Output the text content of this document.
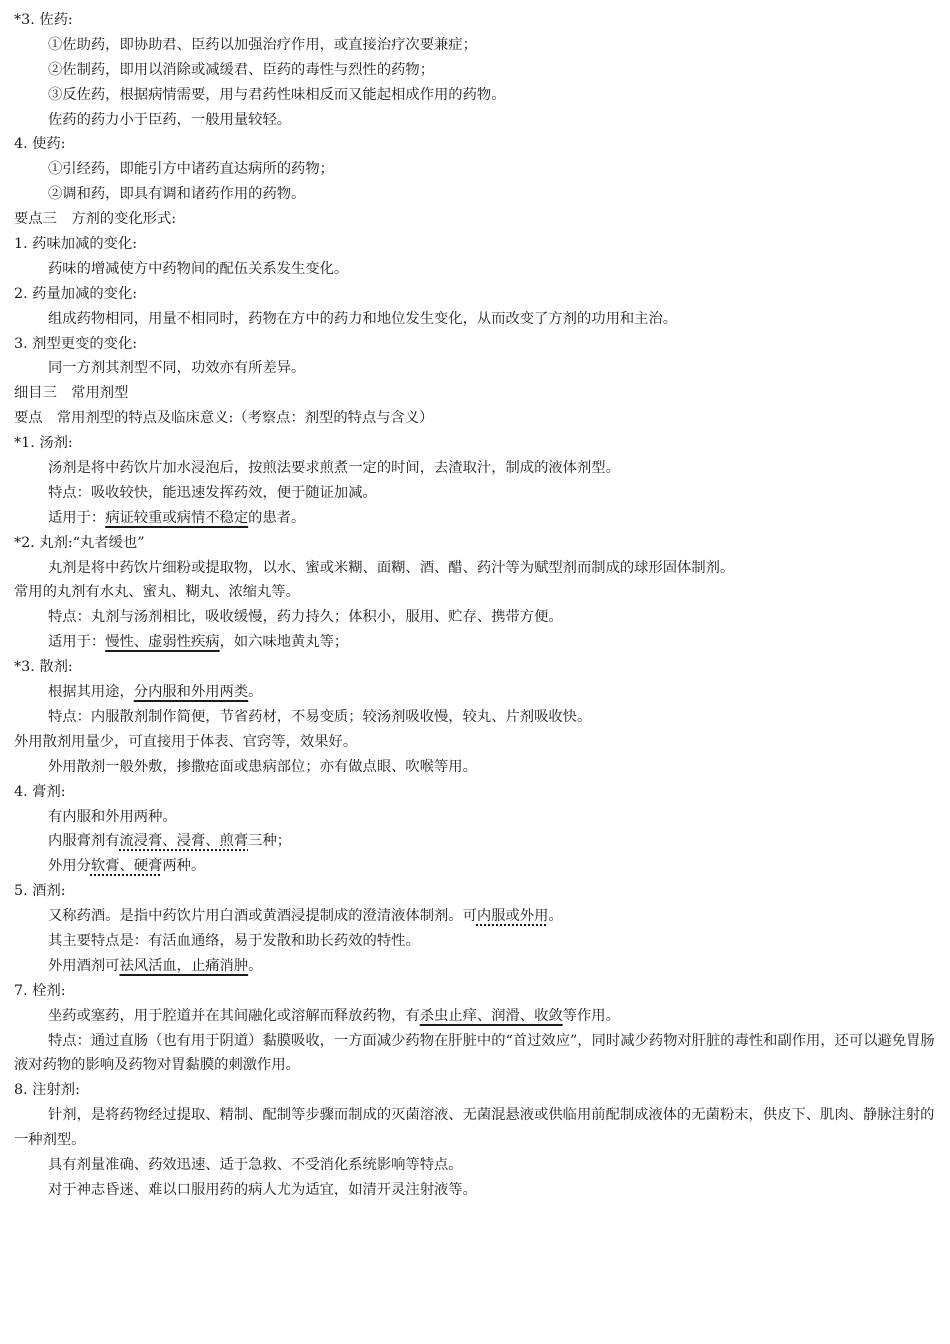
*3. 佐药:
①佐助药，即协助君、臣药以加强治疗作用，或直接治疗次要兼症；
②佐制药，即用以消除或减缓君、臣药的毒性与烈性的药物；
③反佐药，根据病情需要，用与君药性味相反而又能起相成作用的药物。
佐药的药力小于臣药，一般用量较轻。
4. 使药:
①引经药，即能引方中诸药直达病所的药物；
②调和药，即具有调和诸药作用的药物。
要点三　方剂的变化形式:
1. 药味加减的变化:
药味的增减使方中药物间的配伍关系发生变化。
2. 药量加减的变化:
组成药物相同，用量不相同时，药物在方中的药力和地位发生变化，从而改变了方剂的功用和主治。
3. 剂型更变的变化:
同一方剂其剂型不同，功效亦有所差异。
细目三　常用剂型
要点　常用剂型的特点及临床意义:（考察点：剂型的特点与含义）
*1. 汤剂:
汤剂是将中药饮片加水浸泡后，按煎法要求煎煮一定的时间，去渣取汁，制成的液体剂型。
特点：吸收较快，能迅速发挥药效，便于随证加减。
适用于：病证较重或病情不稳定的患者。
*2. 丸剂:“丸者缓也”
丸剂是将中药饮片细粉或提取物，以水、蜜或米糊、面糊、酒、醋、药汁等为赋型剂而制成的球形固体制剂。
常用的丸剂有水丸、蜜丸、糊丸、浓缩丸等。
特点：丸剂与汤剂相比，吸收缓慢，药力持久；体积小，服用、贮存、携带方便。
适用于：慢性、虚弱性疾病，如六味地黄丸等；
*3. 散剂:
根据其用途，分内服和外用两类。
特点：内服散剂制作简便，节省药材，不易变质；较汤剂吸收慢，较丸、片剂吸收快。
外用散剂用量少，可直接用于体表、官窍等，效果好。
外用散剂一般外敷，掺撒疮面或患病部位；亦有做点眼、吹喉等用。
4. 膏剂:
有内服和外用两种。
内服膏剂有流浸膏、浸膏、煎膏三种；
外用分软膏、硬膏两种。
5. 酒剂:
又称药酒。是指中药饮片用白酒或黄酒浸提制成的澄清液体制剂。可内服或外用。
其主要特点是：有活血通络，易于发散和助长药效的特性。
外用酒剂可祛风活血，止痛消肿。
7. 栓剂:
坐药或塞药，用于腔道并在其间融化或溶解而释放药物，有杀虫止痒、润滑、收敛等作用。
特点：通过直肠（也有用于阴道）黏膜吸收，一方面减少药物在肝脏中的“首过效应”，同时减少药物对肝脏的毒性和副作用，还可以避免胃肠液对药物的影响及药物对胃黏膜的刺激作用。
8. 注射剂:
针剂，是将药物经过提取、精制、配制等步骤而制成的灭菌溶液、无菌混悬液或供临用前配制成液体的无菌粉末，供皮下、肌肉、静脉注射的一种剂型。
具有剂量准确、药效迅速、适于急救、不受消化系统影响等特点。
对于神志昏迷、难以口服用药的病人尤为适宜，如清开灵注射液等。
